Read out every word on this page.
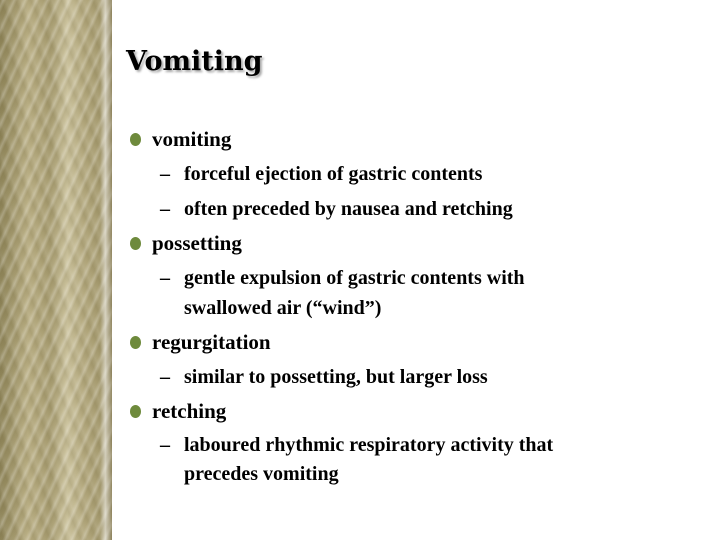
Vomiting
vomiting
– forceful ejection of gastric contents
– often preceded by nausea and retching
possetting
– gentle expulsion of gastric contents with
swallowed air (“wind”)
regurgitation
– similar to possetting, but larger loss
retching
– laboured rhythmic respiratory activity that
precedes vomiting
